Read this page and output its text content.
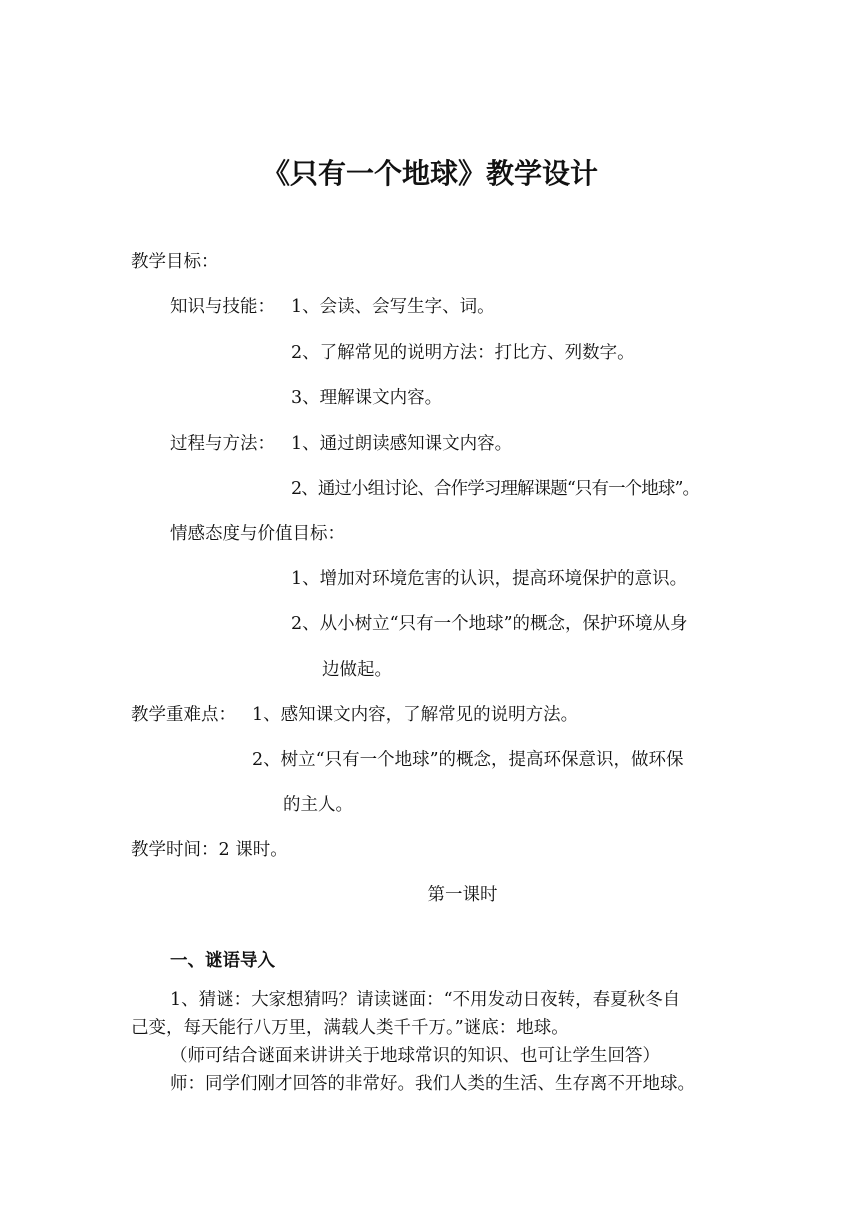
《只有一个地球》教学设计
教学目标：
知识与技能： 1、会读、会写生字、词。
2、了解常见的说明方法：打比方、列数字。
3、理解课文内容。
过程与方法： 1、通过朗读感知课文内容。
2、通过小组讨论、合作学习理解课题“只有一个地球”。
情感态度与价值目标：
1、增加对环境危害的认识，提高环境保护的意识。
2、从小树立“只有一个地球”的概念，保护环境从身
边做起。
教学重难点： 1、感知课文内容，了解常见的说明方法。
2、树立“只有一个地球”的概念，提高环保意识，做环保
的主人。
教学时间：2 课时。
第一课时
一、谜语导入
1、猜谜：大家想猜吗？请读谜面：“不用发动日夜转，春夏秋冬自
己变，每天能行八万里，满载人类千千万。”谜底：地球。
（师可结合谜面来讲讲关于地球常识的知识、也可让学生回答）
师：同学们刚才回答的非常好。我们人类的生活、生存离不开地球。
